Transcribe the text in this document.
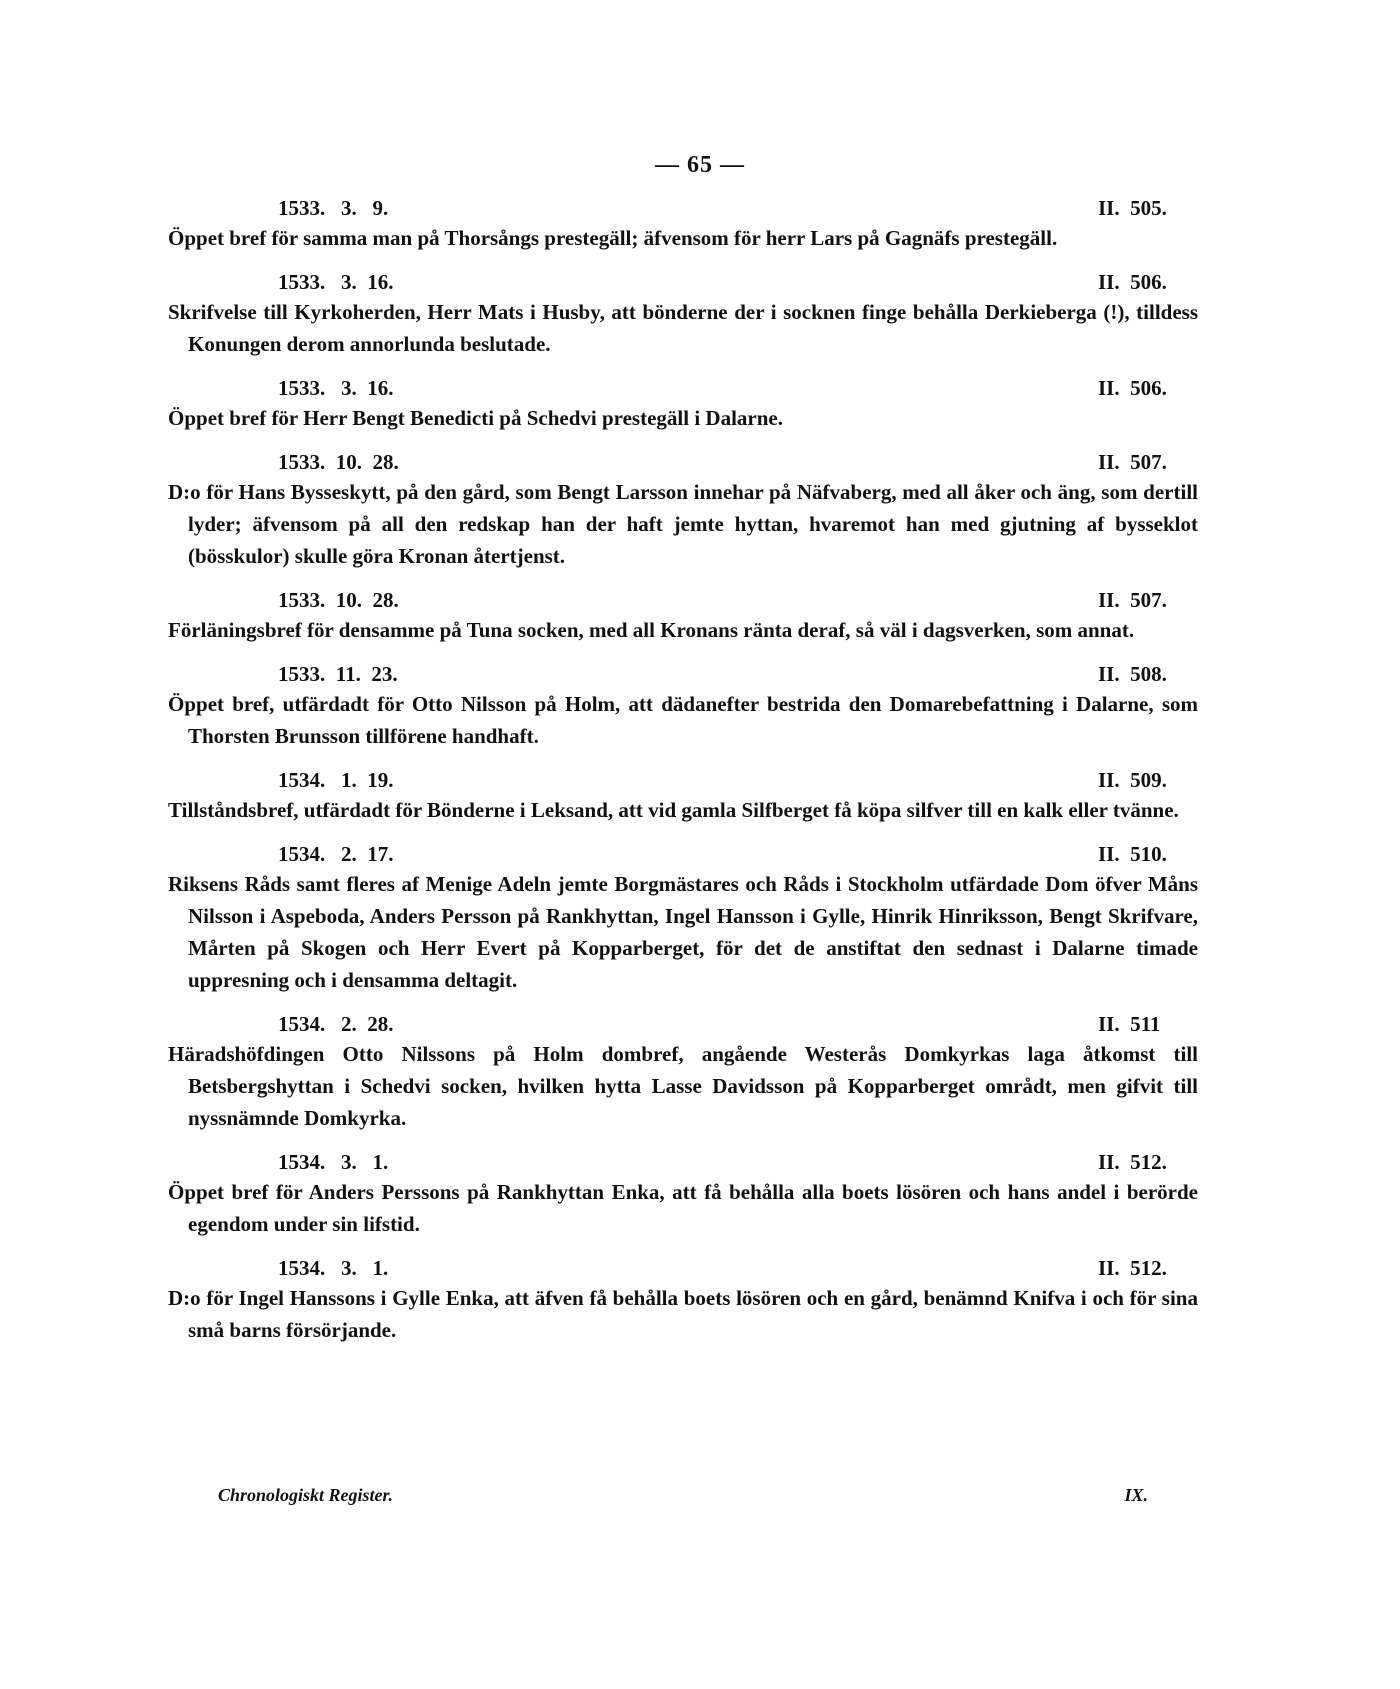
— 65 —
1533.   3.   9.	II.  505.
Öppet bref för samma man på Thorsångs prestegäll; äfvensom för herr Lars på Gagnäfs prestegäll.
1533.   3.  16.	II.  506.
Skrifvelse till Kyrkoherden, Herr Mats i Husby, att bönderne der i socknen finge behålla Derkieberga (!), tilldess Konungen derom annorlunda beslutade.
1533.   3.  16.	II.  506.
Öppet bref för Herr Bengt Benedicti på Schedvi prestegäll i Dalarne.
1533.  10.  28.	II.  507.
D:o för Hans Bysseskytt, på den gård, som Bengt Larsson innehar på Näfvaberg, med all åker och äng, som dertill lyder; äfvensom på all den redskap han der haft jemte hyttan, hvaremot han med gjutning af bysseklot (bösskulor) skulle göra Kronan återtjenst.
1533.  10.  28.	II.  507.
Förläningsbref för densamme på Tuna socken, med all Kronans ränta deraf, så väl i dagsverken, som annat.
1533.  11.  23.	II.  508.
Öppet bref, utfärdadt för Otto Nilsson på Holm, att dädanefter bestrida den Domarebefattning i Dalarne, som Thorsten Brunsson tillförene handhaft.
1534.   1.  19.	II.  509.
Tillståndsbref, utfärdadt för Bönderne i Leksand, att vid gamla Silfberget få köpa silfver till en kalk eller tvänne.
1534.   2.  17.	II.  510.
Riksens Råds samt fleres af Menige Adeln jemte Borgmästares och Råds i Stockholm utfärdade Dom öfver Måns Nilsson i Aspeboda, Anders Persson på Rankhyttan, Ingel Hansson i Gylle, Hinrik Hinriksson, Bengt Skrifvare, Mårten på Skogen och Herr Evert på Kopparberget, för det de anstiftat den sednast i Dalarne timade uppresning och i densamma deltagit.
1534.   2.  28.	II.  511
Häradshöfdingen Otto Nilssons på Holm dombref, angående Westerås Domkyrkas laga åtkomst till Betsbergshyttan i Schedvi socken, hvilken hytta Lasse Davidsson på Kopparberget områdt, men gifvit till nyssnämnde Domkyrka.
1534.   3.   1.	II.  512.
Öppet bref för Anders Perssons på Rankhyttan Enka, att få behålla alla boets lösören och hans andel i berörde egendom under sin lifstid.
1534.   3.   1.	II.  512.
D:o för Ingel Hanssons i Gylle Enka, att äfven få behålla boets lösören och en gård, benämnd Knifva i och för sina små barns försörjande.
Chronologiskt Register.	IX.
